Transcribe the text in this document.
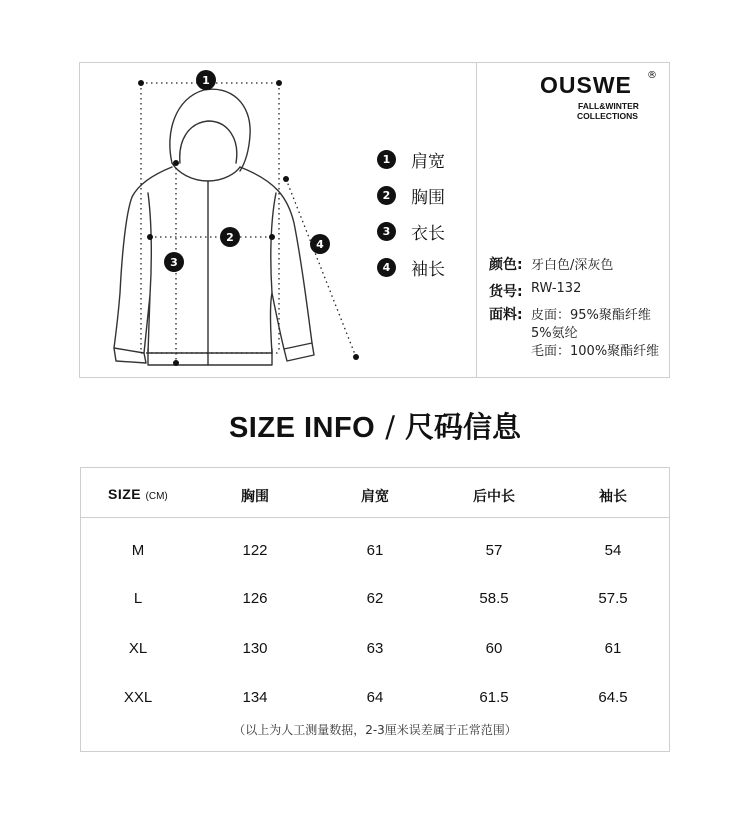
1
2
3
4
1	肩宽
2	胸围
3	衣长
4	袖长
OUSWE ®
FALL&WINTER
COLLECTIONS
颜色: 牙白色/深灰色
货号: RW-132
面料: 皮面：95%聚酯纤维
5%氨纶
毛面：100%聚酯纤维
SIZE INFO / 尺码信息
SIZE (CM)	胸围	肩宽	后中长	袖长
M	122	61	57	54
L	126	62	58.5	57.5
XL	130	63	60	61
XXL	134	64	61.5	64.5
（以上为人工测量数据，2-3厘米误差属于正常范围）
